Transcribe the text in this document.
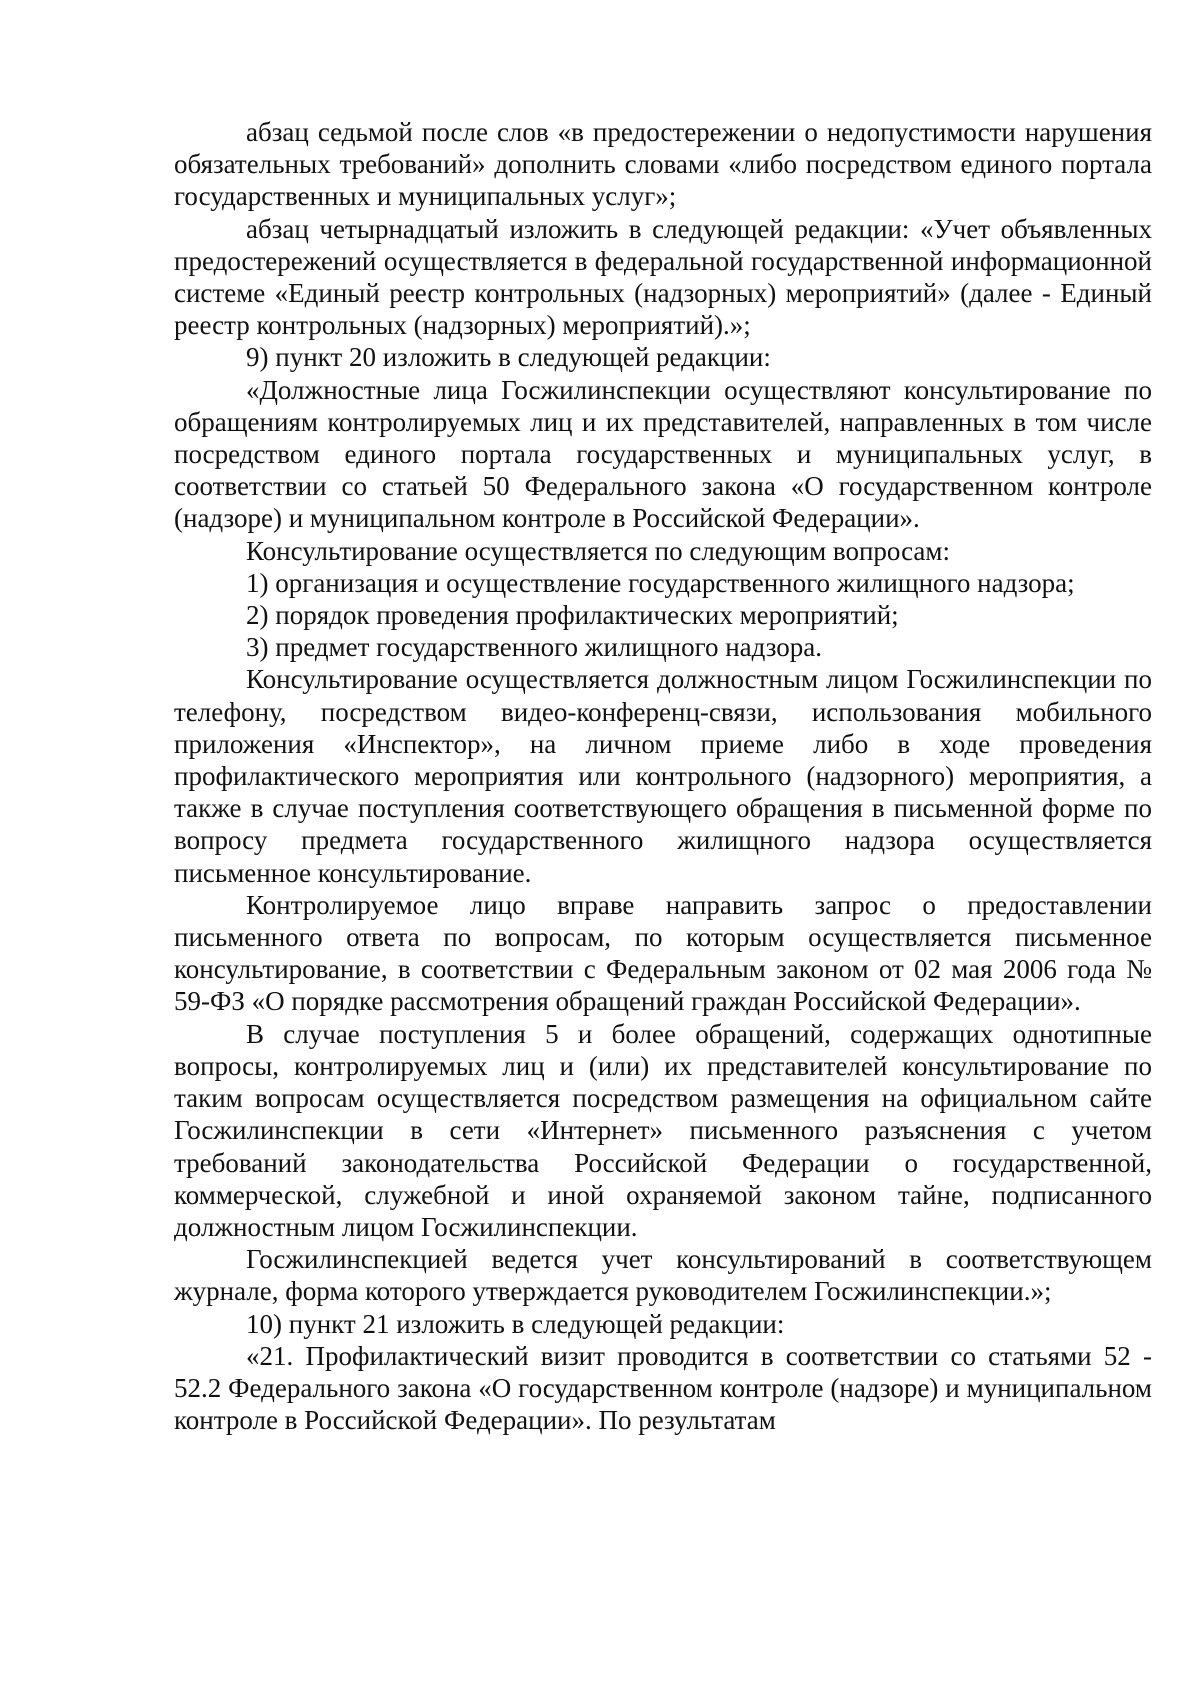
абзац седьмой после слов «в предостережении о недопустимости нарушения обязательных требований» дополнить словами «либо посредством единого портала государственных и муниципальных услуг»;

абзац четырнадцатый изложить в следующей редакции: «Учет объявленных предостережений осуществляется в федеральной государственной информационной системе «Единый реестр контрольных (надзорных) мероприятий» (далее - Единый реестр контрольных (надзорных) мероприятий).»;

9) пункт 20 изложить в следующей редакции:

«Должностные лица Госжилинспекции осуществляют консультирование по обращениям контролируемых лиц и их представителей, направленных в том числе посредством единого портала государственных и муниципальных услуг, в соответствии со статьей 50 Федерального закона «О государственном контроле (надзоре) и муниципальном контроле в Российской Федерации».

Консультирование осуществляется по следующим вопросам:

1) организация и осуществление государственного жилищного надзора;

2) порядок проведения профилактических мероприятий;

3) предмет государственного жилищного надзора.

Консультирование осуществляется должностным лицом Госжилинспекции по телефону, посредством видео-конференц-связи, использования мобильного приложения «Инспектор», на личном приеме либо в ходе проведения профилактического мероприятия или контрольного (надзорного) мероприятия, а также в случае поступления соответствующего обращения в письменной форме по вопросу предмета государственного жилищного надзора осуществляется письменное консультирование.

Контролируемое лицо вправе направить запрос о предоставлении письменного ответа по вопросам, по которым осуществляется письменное консультирование, в соответствии с Федеральным законом от 02 мая 2006 года № 59-ФЗ «О порядке рассмотрения обращений граждан Российской Федерации».

В случае поступления 5 и более обращений, содержащих однотипные вопросы, контролируемых лиц и (или) их представителей консультирование по таким вопросам осуществляется посредством размещения на официальном сайте Госжилинспекции в сети «Интернет» письменного разъяснения с учетом требований законодательства Российской Федерации о государственной, коммерческой, служебной и иной охраняемой законом тайне, подписанного должностным лицом Госжилинспекции.

Госжилинспекцией ведется учет консультирований в соответствующем журнале, форма которого утверждается руководителем Госжилинспекции.»;

10) пункт 21 изложить в следующей редакции:

«21. Профилактический визит проводится в соответствии со статьями 52 - 52.2 Федерального закона «О государственном контроле (надзоре) и муниципальном контроле в Российской Федерации». По результатам
